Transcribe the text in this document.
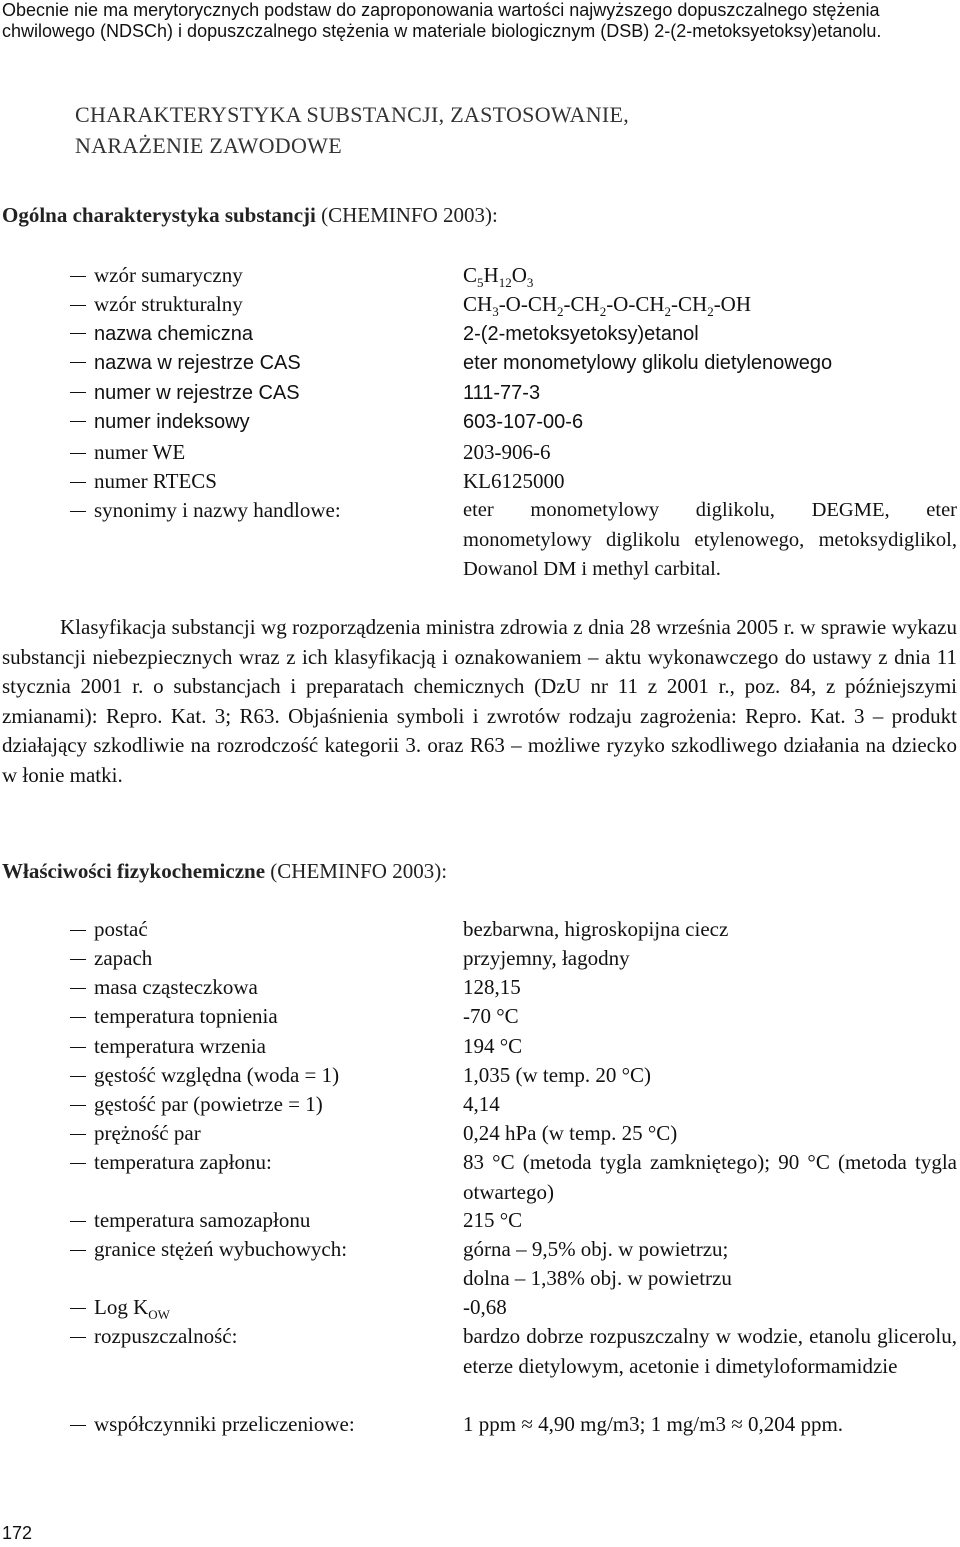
Obecnie nie ma merytorycznych podstaw do zaproponowania wartości najwyższego dopuszczalnego stężenia chwilowego (NDSCh) i dopuszczalnego stężenia w materiale biologicznym (DSB) 2-(2-metoksyetoksy)etanolu.
CHARAKTERYSTYKA SUBSTANCJI, ZASTOSOWANIE,
NARAŻENIE ZAWODOWE
Ogólna charakterystyka substancji (CHEMINFO 2003):
wzór sumaryczny	$C_5H_{12}O_3$
wzór strukturalny	$CH_3-O-CH_2-CH_2-O-CH_2-CH_2-OH$
nazwa chemiczna	2-(2-metoksyetoksy)etanol
nazwa w rejestrze CAS	eter monometylowy glikolu dietylenowego
numer w rejestrze CAS	111-77-3
numer indeksowy	603-107-00-6
numer WE	203-906-6
numer RTECS	KL6125000
synonimy i nazwy handlowe:	eter monometylowy diglikolu, DEGME, eter monometylowy diglikolu etylenowego, metoksydiglikol, Dowanol DM i methyl carbital.
Klasyfikacja substancji wg rozporządzenia ministra zdrowia z dnia 28 września 2005 r. w sprawie wykazu substancji niebezpiecznych wraz z ich klasyfikacją i oznakowaniem – aktu wykonawczego do ustawy z dnia 11 stycznia 2001 r. o substancjach i preparatach chemicznych (DzU nr 11 z 2001 r., poz. 84, z późniejszymi zmianami): Repro. Kat. 3; R63. Objaśnienia symboli i zwrotów rodzaju zagrożenia: Repro. Kat. 3 – produkt działający szkodliwie na rozrodczość kategorii 3. oraz R63 – możliwe ryzyko szkodliwego działania na dziecko w łonie matki.
Właściwości fizykochemiczne (CHEMINFO 2003):
postać	bezbarwna, higroskopijna ciecz
zapach	przyjemny, łagodny
masa cząsteczkowa	128,15
temperatura topnienia	-70 °C
temperatura wrzenia	194 °C
gęstość względna (woda = 1)	1,035 (w temp. 20 °C)
gęstość par (powietrze = 1)	4,14
prężność par	0,24 hPa (w temp. 25 °C)
temperatura zapłonu:	83 °C (metoda tygla zamkniętego); 90 °C (metoda tygla otwartego)
temperatura samozapłonu	215 °C
granice stężeń wybuchowych:	górna – 9,5% obj. w powietrzu;
dolna – 1,38% obj. w powietrzu
Log $K_{OW}$	-0,68
rozpuszczalność:	bardzo dobrze rozpuszczalny w wodzie, etanolu glicerolu, eterze dietylowym, acetonie i dimetyloformamidzie
współczynniki przeliczeniowe:	1 ppm ≈ 4,90 mg/m3; 1 mg/m3 ≈ 0,204 ppm.
172
